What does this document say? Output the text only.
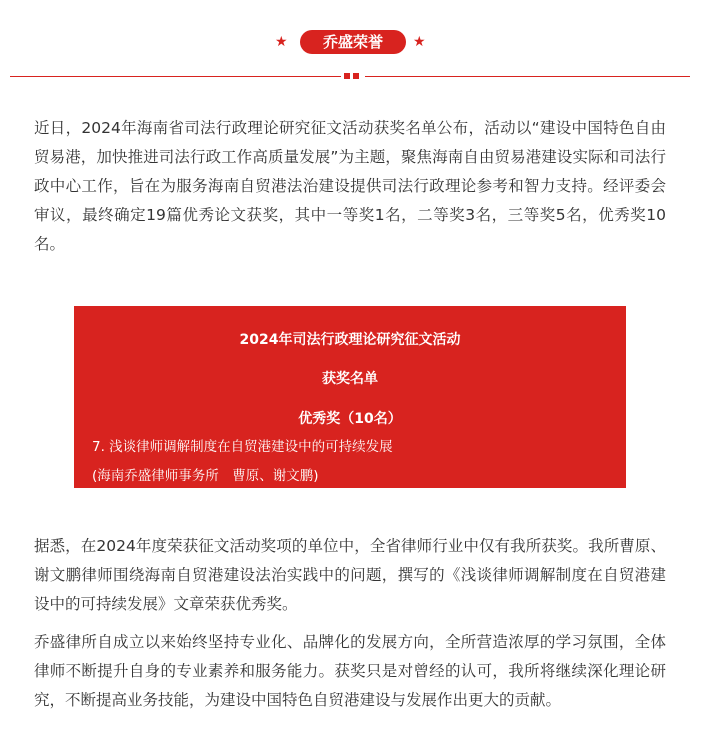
★	乔盛荣誉	★

近日，2024年海南省司法行政理论研究征文活动获奖名单公布，活动以“建设中国特色自由贸易港，加快推进司法行政工作高质量发展”为主题，聚焦海南自由贸易港建设实际和司法行政中心工作，旨在为服务海南自贸港法治建设提供司法行政理论参考和智力支持。经评委会审议，最终确定19篇优秀论文获奖，其中一等奖1名，二等奖3名，三等奖5名，优秀奖10名。

2024年司法行政理论研究征文活动
获奖名单
优秀奖（10名）
7. 浅谈律师调解制度在自贸港建设中的可持续发展
(海南乔盛律师事务所　曹原、谢文鹏)

据悉，在2024年度荣获征文活动奖项的单位中，全省律师行业中仅有我所获奖。我所曹原、谢文鹏律师围绕海南自贸港建设法治实践中的问题，撰写的《浅谈律师调解制度在自贸港建设中的可持续发展》文章荣获优秀奖。

乔盛律所自成立以来始终坚持专业化、品牌化的发展方向，全所营造浓厚的学习氛围，全体律师不断提升自身的专业素养和服务能力。获奖只是对曾经的认可，我所将继续深化理论研究，不断提高业务技能，为建设中国特色自贸港建设与发展作出更大的贡献。
